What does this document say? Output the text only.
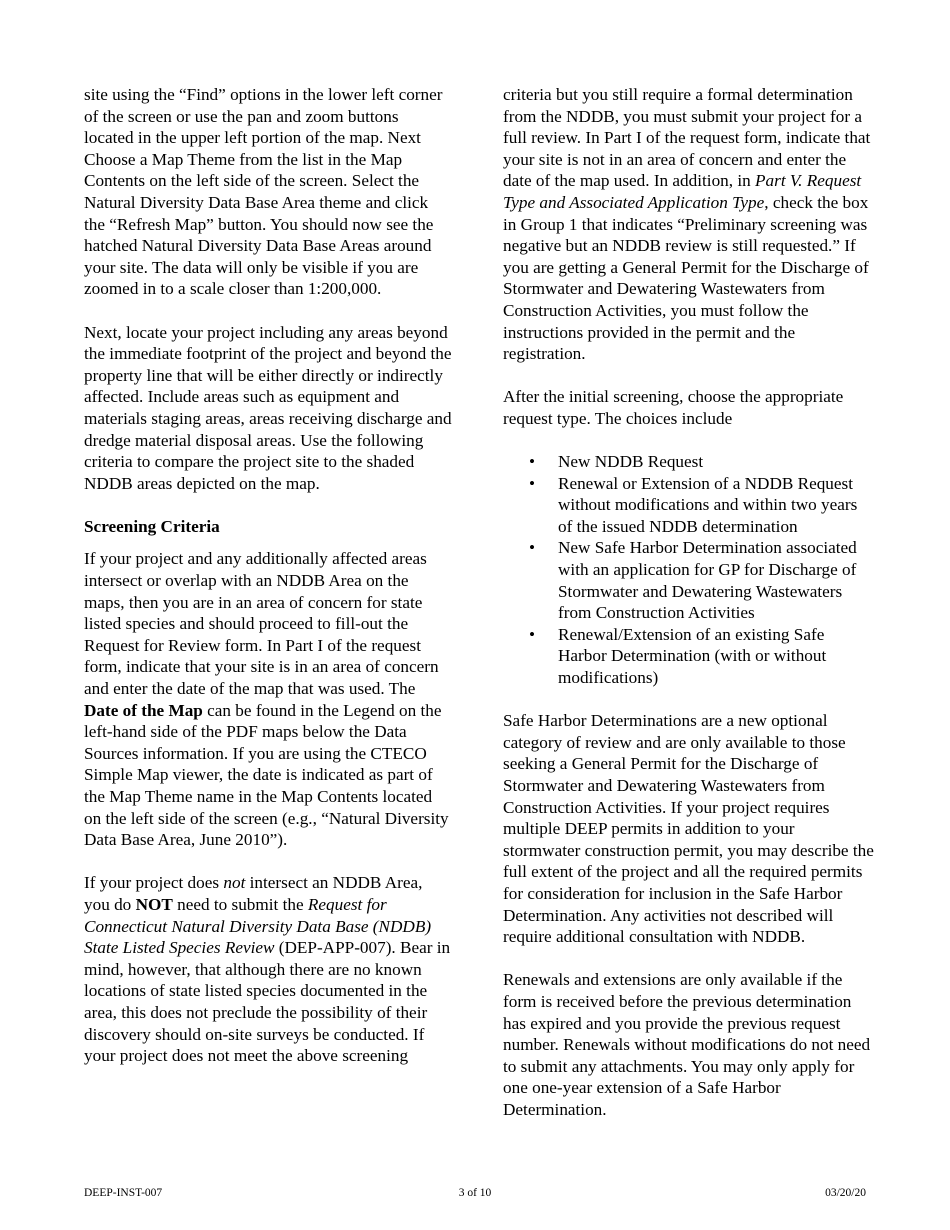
site using the “Find” options in the lower left corner of the screen or use the pan and zoom buttons located in the upper left portion of the map. Next Choose a Map Theme from the list in the Map Contents on the left side of the screen. Select the Natural Diversity Data Base Area theme and click the “Refresh Map” button. You should now see the hatched Natural Diversity Data Base Areas around your site. The data will only be visible if you are zoomed in to a scale closer than 1:200,000.

Next, locate your project including any areas beyond the immediate footprint of the project and beyond the property line that will be either directly or indirectly affected. Include areas such as equipment and materials staging areas, areas receiving discharge and dredge material disposal areas. Use the following criteria to compare the project site to the shaded NDDB areas depicted on the map.

Screening Criteria

If your project and any additionally affected areas intersect or overlap with an NDDB Area on the maps, then you are in an area of concern for state listed species and should proceed to fill-out the Request for Review form. In Part I of the request form, indicate that your site is in an area of concern and enter the date of the map that was used. The Date of the Map can be found in the Legend on the left-hand side of the PDF maps below the Data Sources information. If you are using the CTECO Simple Map viewer, the date is indicated as part of the Map Theme name in the Map Contents located on the left side of the screen (e.g., “Natural Diversity Data Base Area, June 2010”).

If your project does not intersect an NDDB Area, you do NOT need to submit the Request for Connecticut Natural Diversity Data Base (NDDB) State Listed Species Review (DEP-APP-007). Bear in mind, however, that although there are no known locations of state listed species documented in the area, this does not preclude the possibility of their discovery should on-site surveys be conducted. If your project does not meet the above screening

criteria but you still require a formal determination from the NDDB, you must submit your project for a full review. In Part I of the request form, indicate that your site is not in an area of concern and enter the date of the map used. In addition, in Part V. Request Type and Associated Application Type, check the box in Group 1 that indicates “Preliminary screening was negative but an NDDB review is still requested.” If you are getting a General Permit for the Discharge of Stormwater and Dewatering Wastewaters from Construction Activities, you must follow the instructions provided in the permit and the registration.

After the initial screening, choose the appropriate request type. The choices include

• New NDDB Request
• Renewal or Extension of a NDDB Request without modifications and within two years of the issued NDDB determination
• New Safe Harbor Determination associated with an application for GP for Discharge of Stormwater and Dewatering Wastewaters from Construction Activities
• Renewal/Extension of an existing Safe Harbor Determination (with or without modifications)

Safe Harbor Determinations are a new optional category of review and are only available to those seeking a General Permit for the Discharge of Stormwater and Dewatering Wastewaters from Construction Activities. If your project requires multiple DEEP permits in addition to your stormwater construction permit, you may describe the full extent of the project and all the required permits for consideration for inclusion in the Safe Harbor Determination. Any activities not described will require additional consultation with NDDB.

Renewals and extensions are only available if the form is received before the previous determination has expired and you provide the previous request number. Renewals without modifications do not need to submit any attachments. You may only apply for one one-year extension of a Safe Harbor Determination.

DEEP-INST-007	3 of 10	03/20/20
